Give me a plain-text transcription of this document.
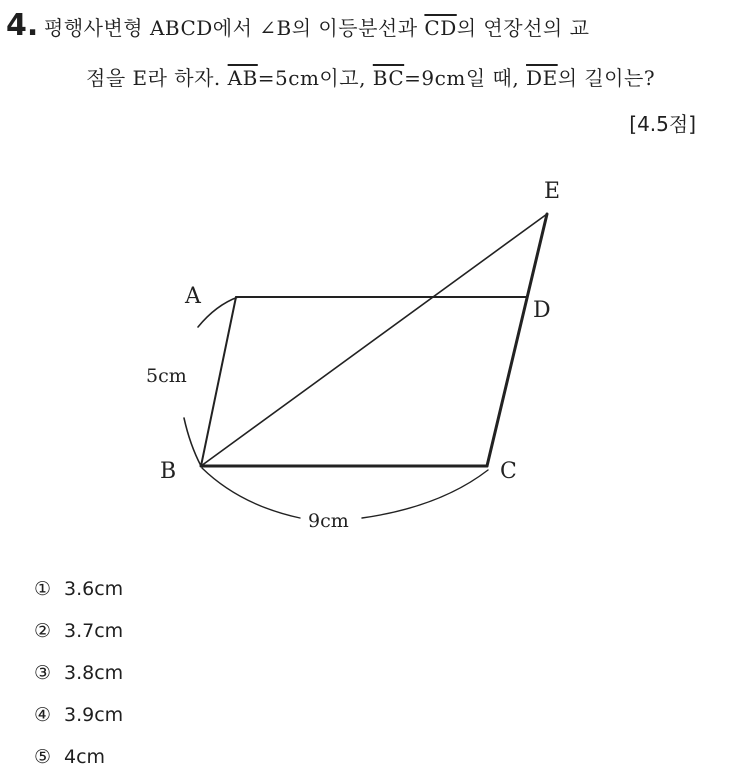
4. 평행사변형 ABCD에서 ∠B의 이등분선과 $\overline{CD}$의 연장선의 교
점을 E라 하자. $\overline{AB}=5cm$이고, $\overline{BC}=9cm$일 때, $\overline{DE}$의 길이는?
[4.5점]
A
B	C
D
E
5cm
9cm
① 3.6cm
② 3.7cm
③ 3.8cm
④ 3.9cm
⑤ 4cm
